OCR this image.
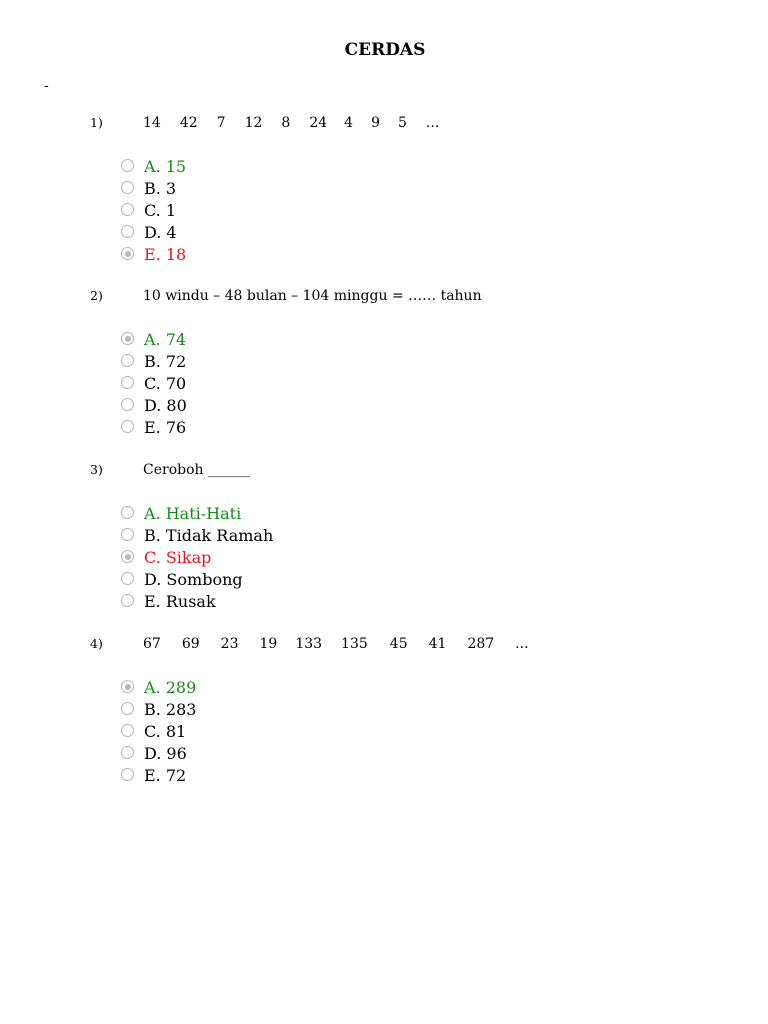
CERDAS
-
1)	14 42 7 12 8 24 4 9 5 ...
A. 15
B. 3
C. 1
D. 4
E. 18
2)	10 windu – 48 bulan – 104 minggu = …… tahun
A. 74
B. 72
C. 70
D. 80
E. 76
3)	Ceroboh ______
A. Hati-Hati
B. Tidak Ramah
C. Sikap
D. Sombong
E. Rusak
4)	67 69 23 19 133 135 45 41 287 ...
A. 289
B. 283
C. 81
D. 96
E. 72
